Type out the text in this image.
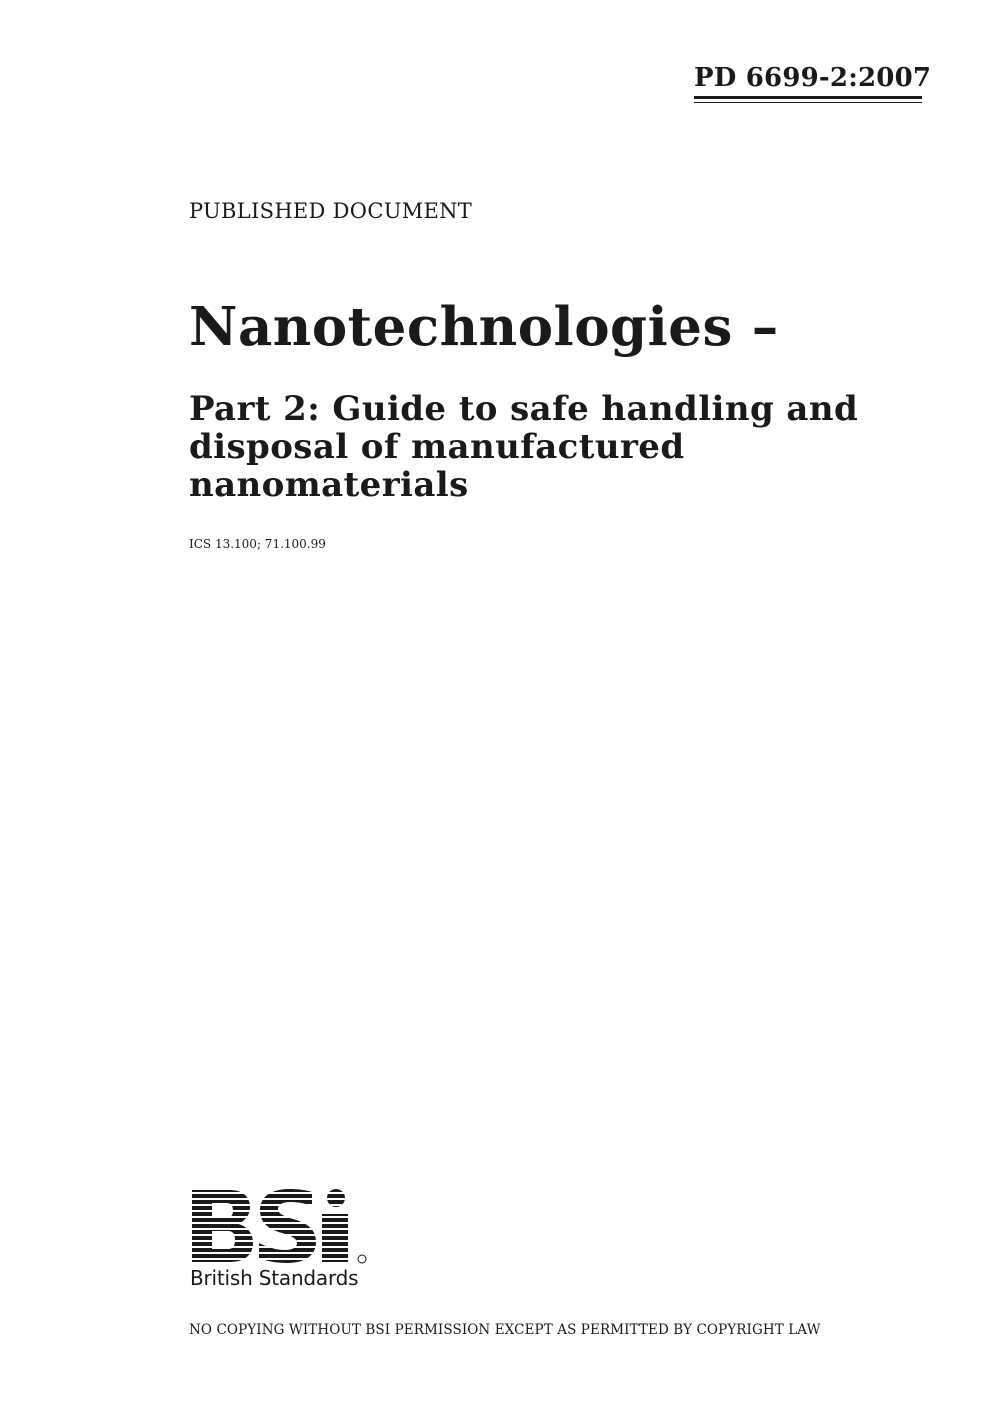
PD 6699-2:2007
PUBLISHED DOCUMENT
Nanotechnologies –
Part 2: Guide to safe handling and
disposal of manufactured
nanomaterials
ICS 13.100; 71.100.99
British Standards
NO COPYING WITHOUT BSI PERMISSION EXCEPT AS PERMITTED BY COPYRIGHT LAW
